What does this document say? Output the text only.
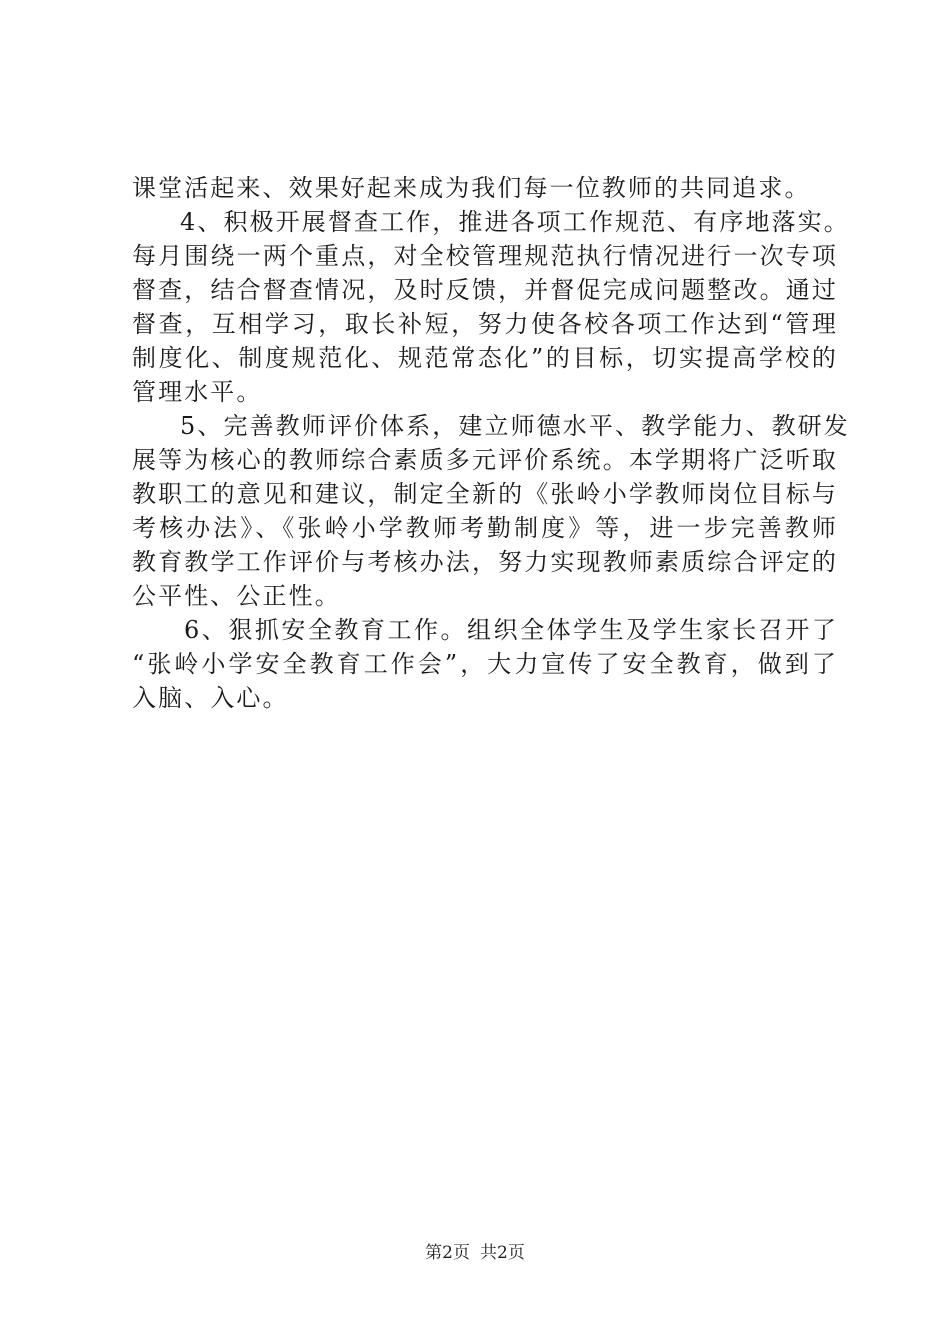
课堂活起来、效果好起来成为我们每一位教师的共同追求。
4、积极开展督查工作，推进各项工作规范、有序地落实。
每月围绕一两个重点，对全校管理规范执行情况进行一次专项
督查，结合督查情况，及时反馈，并督促完成问题整改。通过
督查，互相学习，取长补短，努力使各校各项工作达到“管理
制度化、制度规范化、规范常态化”的目标，切实提高学校的
管理水平。
5、完善教师评价体系，建立师德水平、教学能力、教研发
展等为核心的教师综合素质多元评价系统。本学期将广泛听取
教职工的意见和建议，制定全新的《张岭小学教师岗位目标与
考核办法》、《张岭小学教师考勤制度》等，进一步完善教师
教育教学工作评价与考核办法，努力实现教师素质综合评定的
公平性、公正性。
6、狠抓安全教育工作。组织全体学生及学生家长召开了
“张岭小学安全教育工作会”，大力宣传了安全教育，做到了
入脑、入心。
第2页 共2页
